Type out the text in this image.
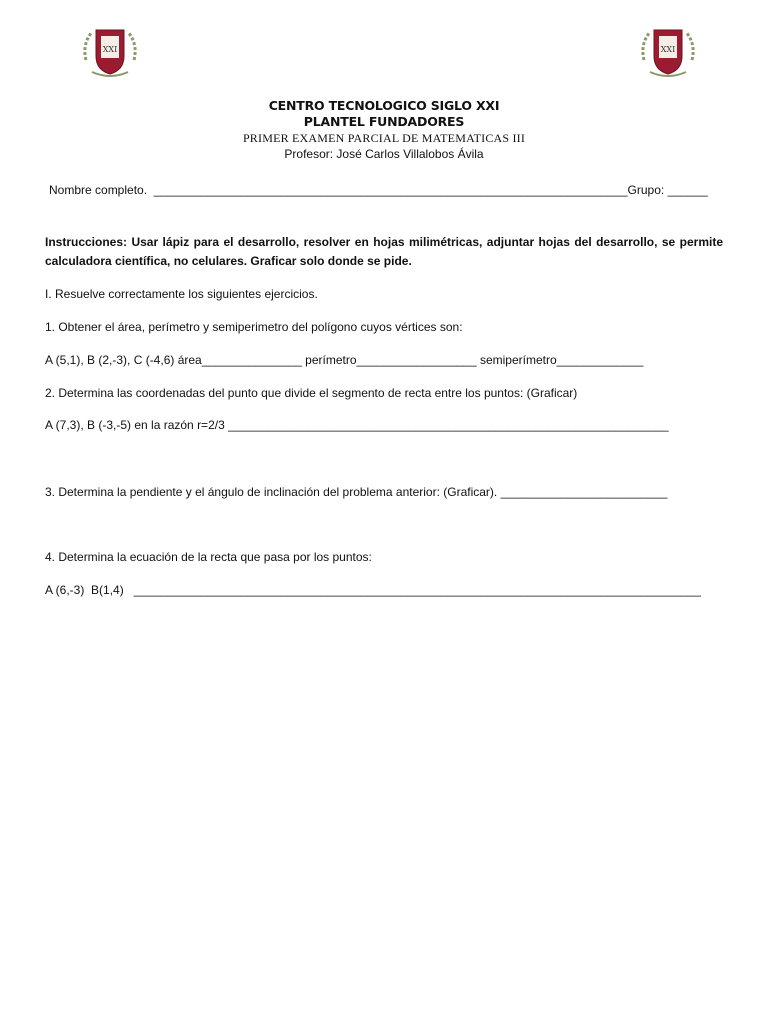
XXI	XXI
CENTRO TECNOLOGICO SIGLO XXI
PLANTEL FUNDADORES
PRIMER EXAMEN PARCIAL DE MATEMATICAS III
Profesor: José Carlos Villalobos Ávila
Nombre completo.  _______________________________________________________________________Grupo: ______
Instrucciones: Usar lápiz para el desarrollo, resolver en hojas milimétricas, adjuntar hojas del desarrollo, se permite calculadora científica, no celulares. Graficar solo donde se pide.
I. Resuelve correctamente los siguientes ejercicios.
1. Obtener el área, perímetro y semiperimetro del polígono cuyos vértices son:
A (5,1), B (2,-3), C (-4,6) área_______________ perímetro__________________ semiperímetro_____________
2. Determina las coordenadas del punto que divide el segmento de recta entre los puntos: (Graficar)
A (7,3), B (-3,-5) en la razón r=2/3 __________________________________________________________________
3. Determina la pendiente y el ángulo de inclinación del problema anterior: (Graficar). _________________________
4. Determina la ecuación de la recta que pasa por los puntos:
A (6,-3)  B(1,4)   _____________________________________________________________________________________
